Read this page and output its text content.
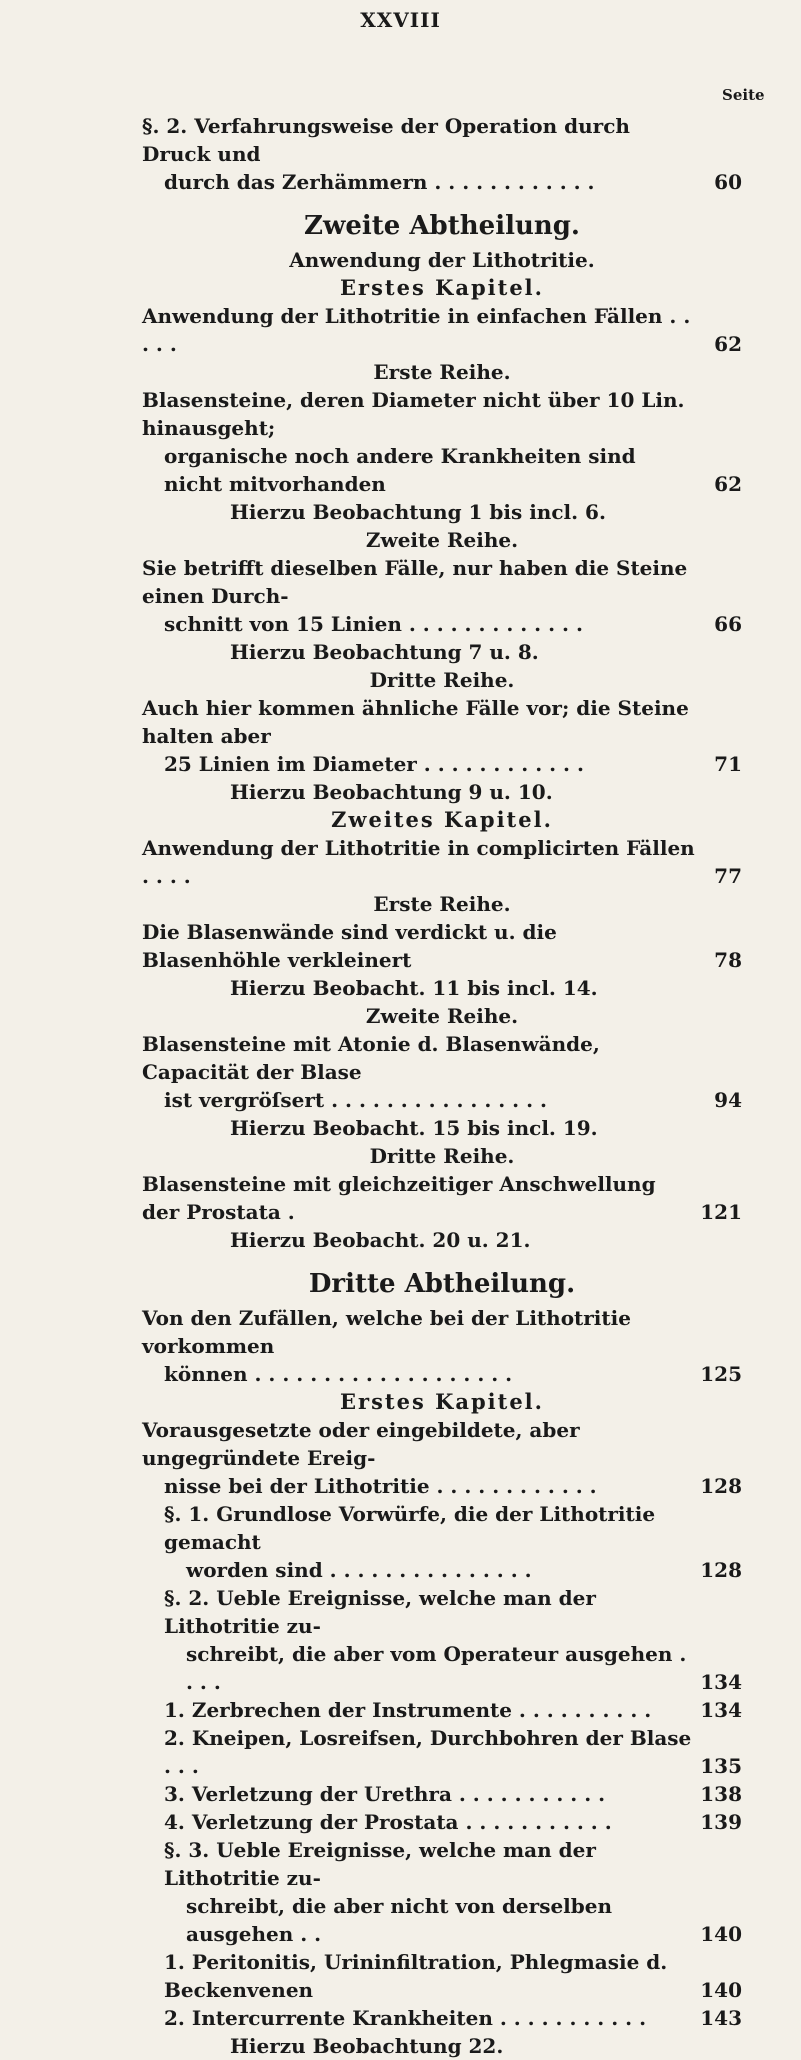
XXVIII
Seite
§. 2. Verfahrungsweise der Operation durch Druck und
durch das Zerhämmern . . . . . . . . . . . .	60
Zweite Abtheilung.
Anwendung der Lithotritie.
Erstes Kapitel.
Anwendung der Lithotritie in einfachen Fällen . . . . .	62
Erste Reihe.
Blasensteine, deren Diameter nicht über 10 Lin. hinausgeht;
organische noch andere Krankheiten sind nicht mitvorhanden	62
Hierzu Beobachtung 1 bis incl. 6.
Zweite Reihe.
Sie betrifft dieselben Fälle, nur haben die Steine einen Durch-
schnitt von 15 Linien . . . . . . . . . . . . .	66
Hierzu Beobachtung 7 u. 8.
Dritte Reihe.
Auch hier kommen ähnliche Fälle vor; die Steine halten aber
25 Linien im Diameter . . . . . . . . . . . .	71
Hierzu Beobachtung 9 u. 10.
Zweites Kapitel.
Anwendung der Lithotritie in complicirten Fällen . . . .	77
Erste Reihe.
Die Blasenwände sind verdickt u. die Blasenhöhle verkleinert	78
Hierzu Beobacht. 11 bis incl. 14.
Zweite Reihe.
Blasensteine mit Atonie d. Blasenwände, Capacität der Blase
ist vergröſsert . . . . . . . . . . . . . . . .	94
Hierzu Beobacht. 15 bis incl. 19.
Dritte Reihe.
Blasensteine mit gleichzeitiger Anschwellung der Prostata .	121
Hierzu Beobacht. 20 u. 21.
Dritte Abtheilung.
Von den Zufällen, welche bei der Lithotritie vorkommen
können . . . . . . . . . . . . . . . . . . .	125
Erstes Kapitel.
Vorausgesetzte oder eingebildete, aber ungegründete Ereig-
nisse bei der Lithotritie . . . . . . . . . . . .	128
§. 1. Grundlose Vorwürfe, die der Lithotritie gemacht
worden sind . . . . . . . . . . . . . . .	128
§. 2. Ueble Ereignisse, welche man der Lithotritie zu-
schreibt, die aber vom Operateur ausgehen . . . .	134
1. Zerbrechen der Instrumente . . . . . . . . . .	134
2. Kneipen, Losreifsen, Durchbohren der Blase . . .	135
3. Verletzung der Urethra . . . . . . . . . . .	138
4. Verletzung der Prostata . . . . . . . . . . .	139
§. 3. Ueble Ereignisse, welche man der Lithotritie zu-
schreibt, die aber nicht von derselben ausgehen . .	140
1. Peritonitis, Urininfiltration, Phlegmasie d. Beckenvenen	140
2. Intercurrente Krankheiten . . . . . . . . . . .	143
Hierzu Beobachtung 22.
